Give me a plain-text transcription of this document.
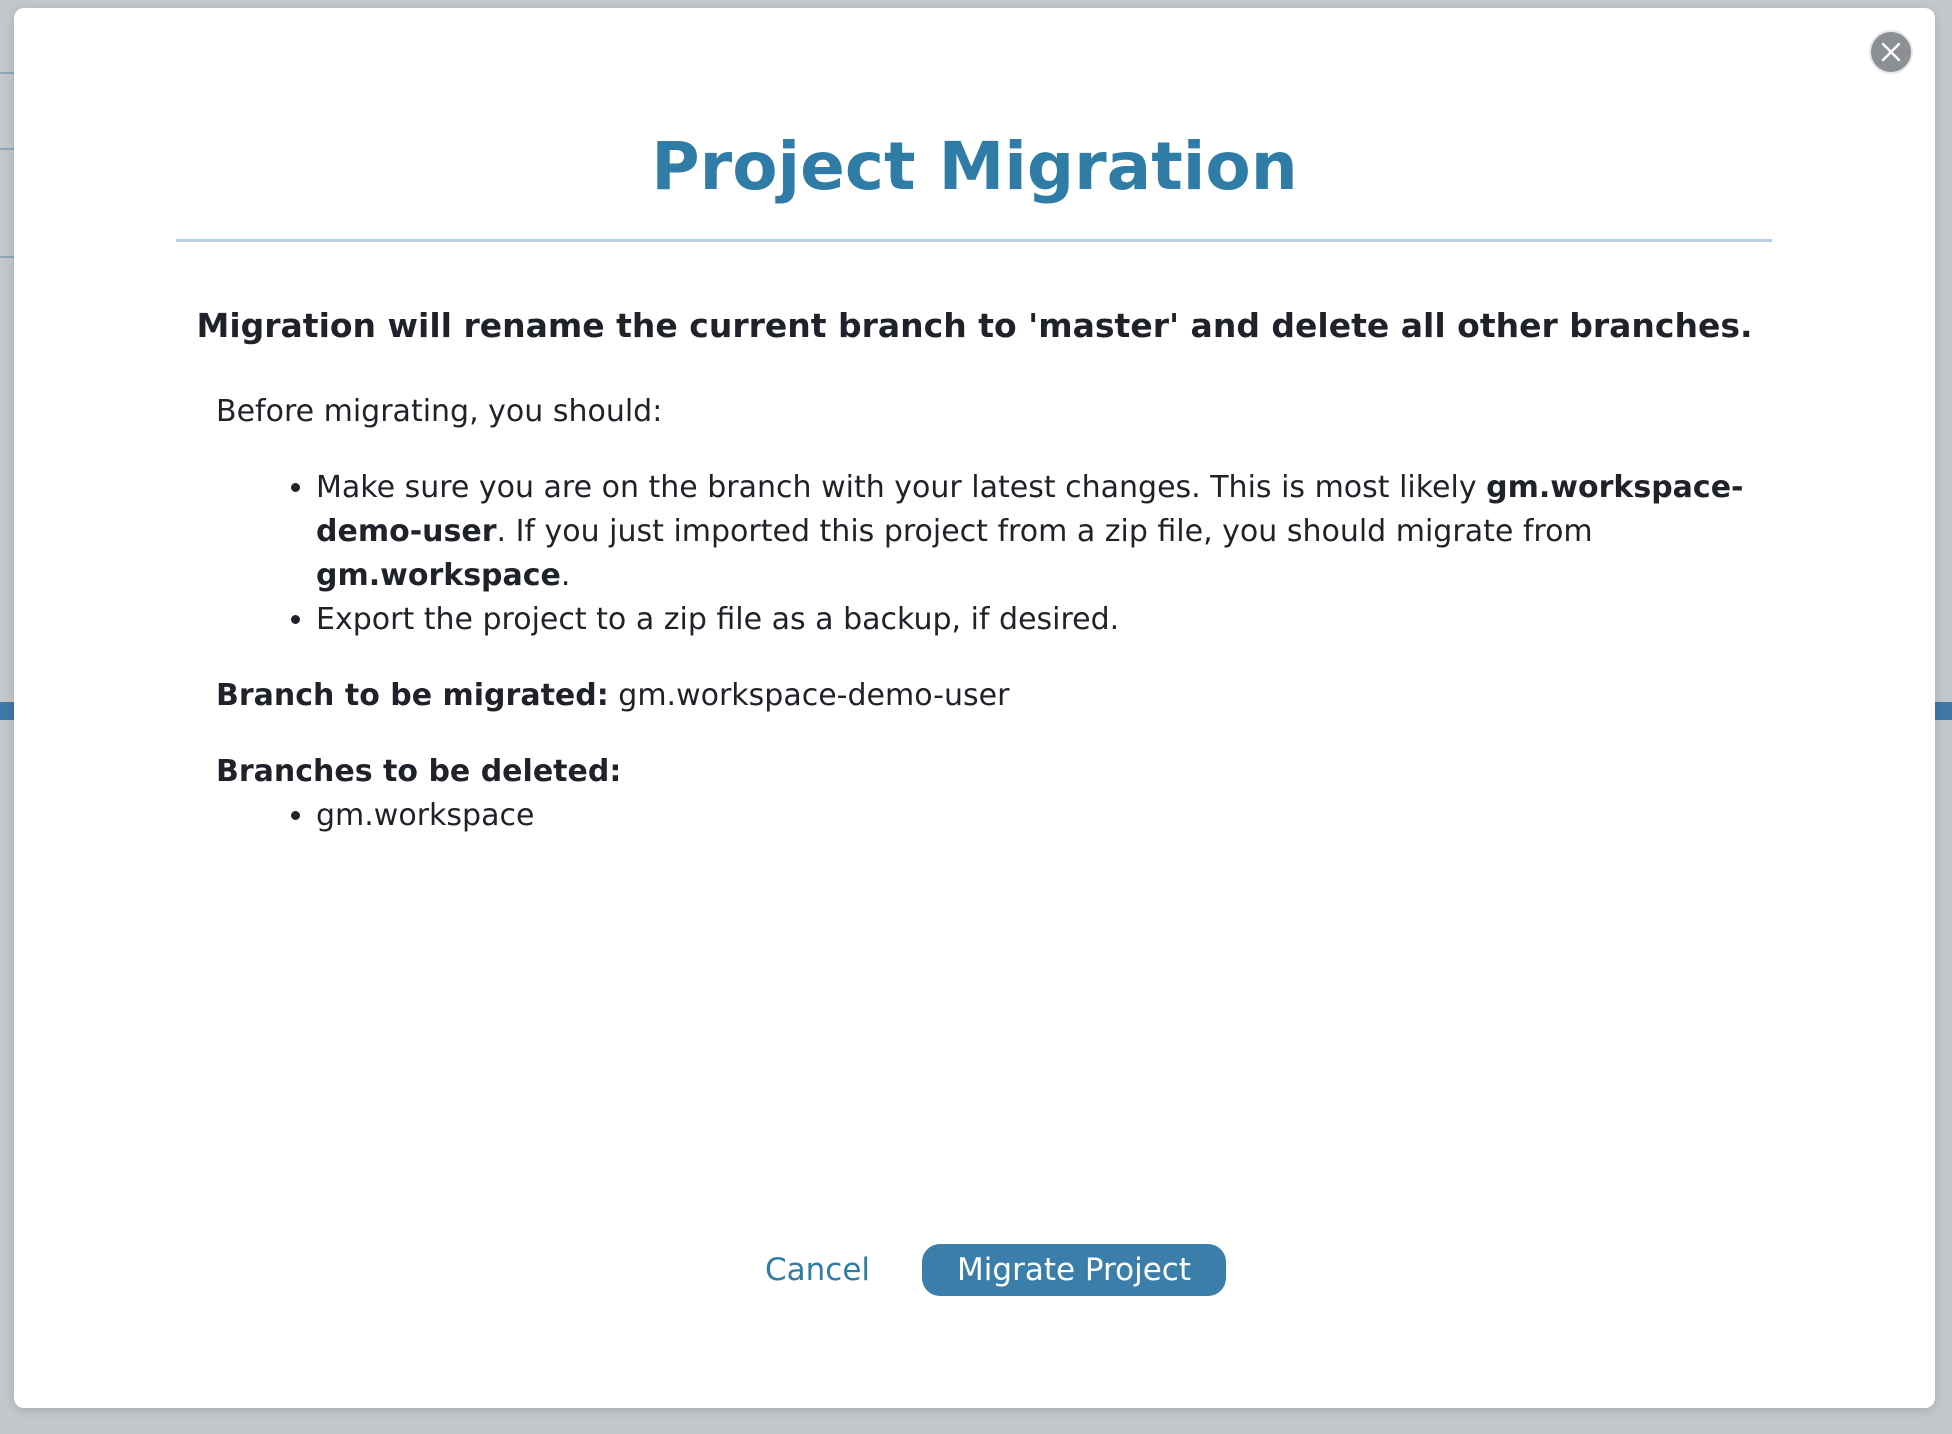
Project Migration

Migration will rename the current branch to 'master' and delete all other branches.

Before migrating, you should:

• Make sure you are on the branch with your latest changes. This is most likely gm.workspace-demo-user. If you just imported this project from a zip file, you should migrate from gm.workspace.
• Export the project to a zip file as a backup, if desired.

Branch to be migrated: gm.workspace-demo-user

Branches to be deleted:

• gm.workspace
Cancel	Migrate Project
